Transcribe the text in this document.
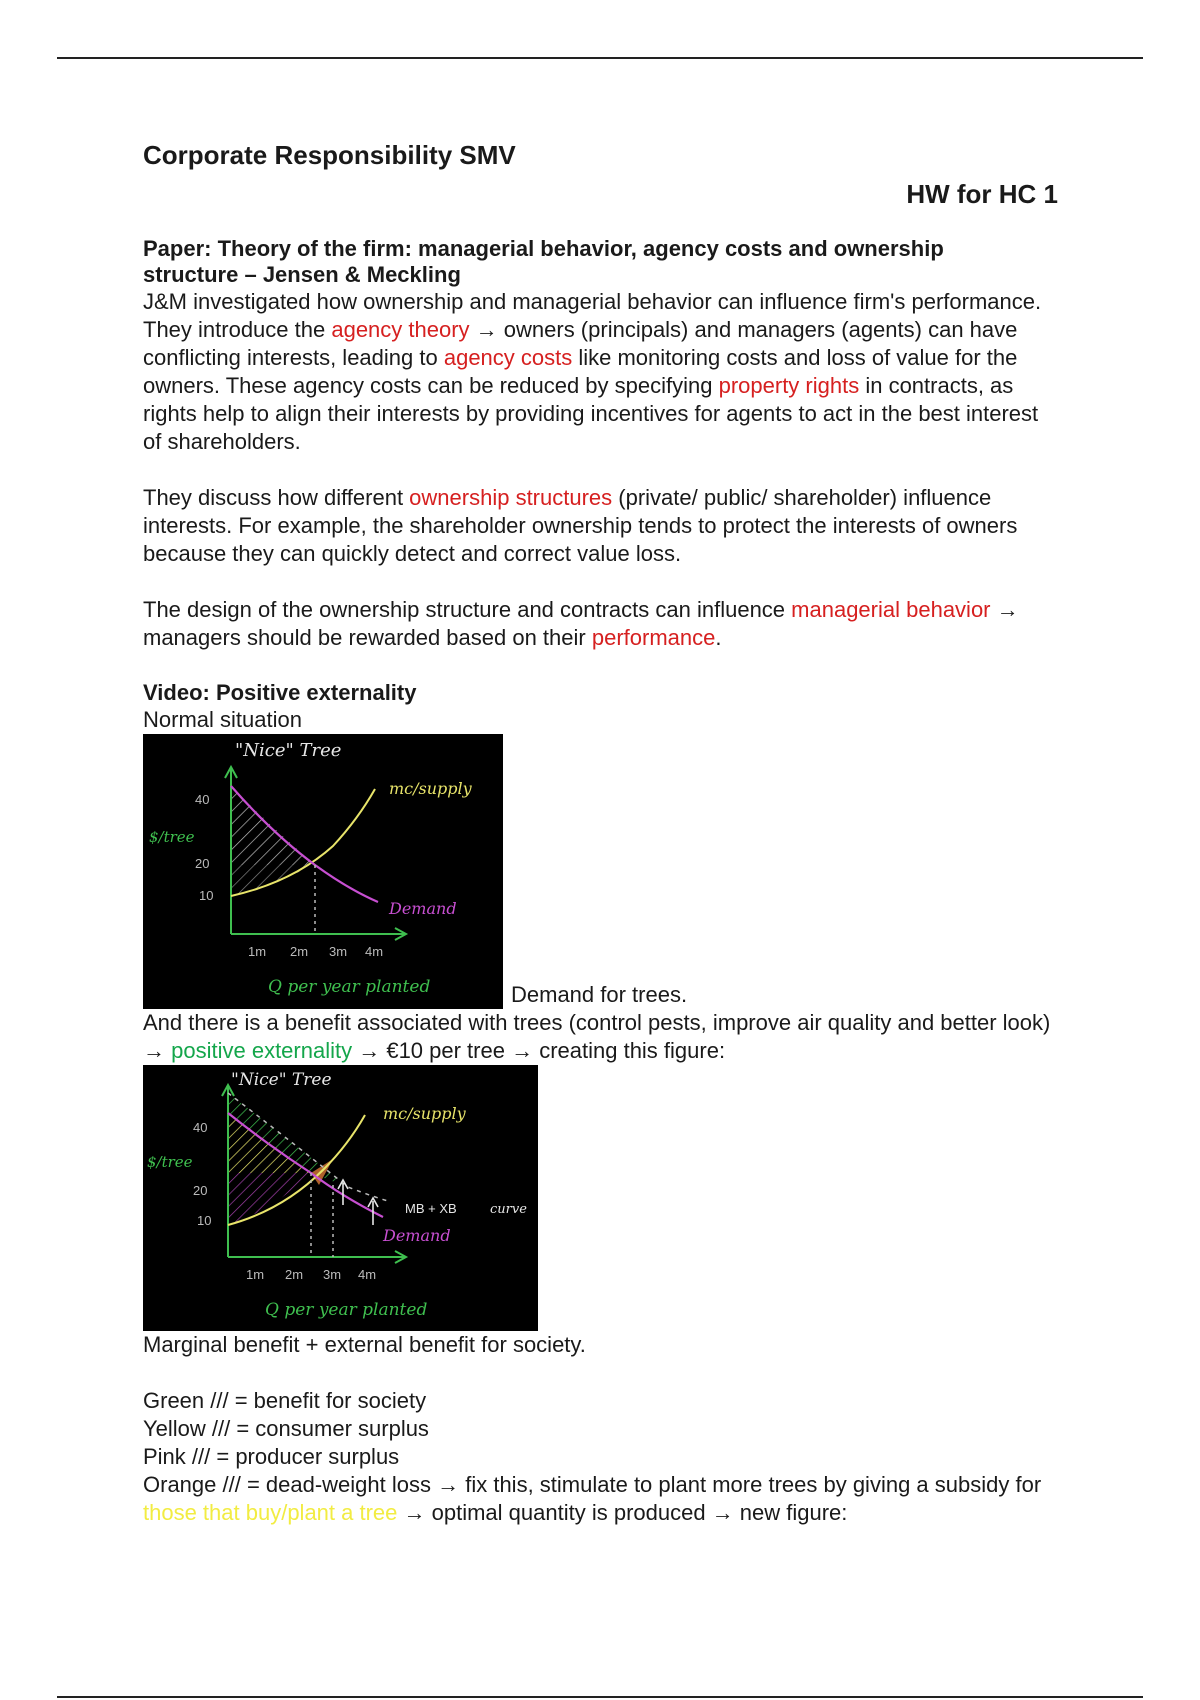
Corporate Responsibility SMV

HW for HC 1

Paper: Theory of the firm: managerial behavior, agency costs and ownership
structure – Jensen & Meckling

J&M investigated how ownership and managerial behavior can influence firm's performance. They introduce the agency theory → owners (principals) and managers (agents) can have conflicting interests, leading to agency costs like monitoring costs and loss of value for the owners. These agency costs can be reduced by specifying property rights in contracts, as rights help to align their interests by providing incentives for agents to act in the best interest of shareholders.

They discuss how different ownership structures (private/ public/ shareholder) influence interests. For example, the shareholder ownership tends to protect the interests of owners because they can quickly detect and correct value loss.

The design of the ownership structure and contracts can influence managerial behavior → managers should be rewarded based on their performance.

Video: Positive externality

Normal situation

"Nice" Tree
$/tree
40
20
10
mc/supply
Demand
1m 2m 3m 4m
Q per year planted	Demand for trees.

And there is a benefit associated with trees (control pests, improve air quality and better look) → positive externality → €10 per tree → creating this figure:

"Nice" Tree
$/tree
40
20
10
mc/supply
MB + XB	curve
Demand
1m 2m 3m 4m
Q per year planted

Marginal benefit + external benefit for society.

Green /// = benefit for society

Yellow /// = consumer surplus

Pink /// = producer surplus

Orange /// = dead-weight loss → fix this, stimulate to plant more trees by giving a subsidy for those that buy/plant a tree → optimal quantity is produced → new figure:
